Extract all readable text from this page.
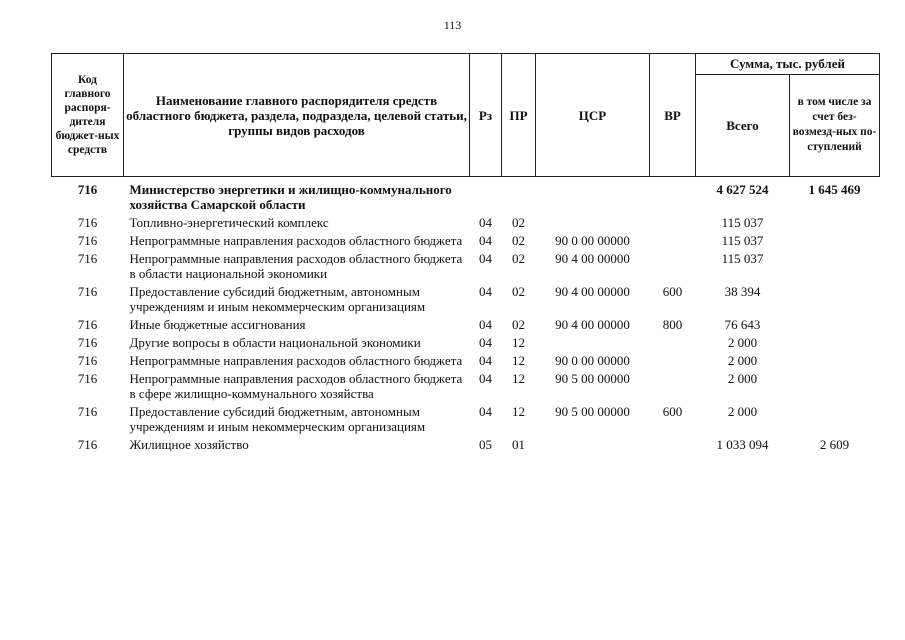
113
Код главного распоря-дителя бюджет-ных средств	Наименование главного распорядителя средств областного бюджета, раздела, подраздела, целевой статьи, группы видов расходов	Рз	ПР	ЦСР	ВР	Сумма, тыс. рублей	
						Всего	в том числе за счет без-возмезд-ных по-ступлений
716	Министерство энергетики и жилищно-коммунального хозяйства Самарской области					4 627 524	1 645 469
716	Топливно-энергетический комплекс	04	02			115 037	
716	Непрограммные направления расходов областного бюджета	04	02	90 0 00 00000		115 037	
716	Непрограммные направления расходов областного бюджета в области национальной экономики	04	02	90 4 00 00000		115 037	
716	Предоставление субсидий бюджетным, автономным учреждениям и иным некоммерческим организациям	04	02	90 4 00 00000	600	38 394	
716	Иные бюджетные ассигнования	04	02	90 4 00 00000	800	76 643	
716	Другие вопросы в области национальной экономики	04	12			2 000	
716	Непрограммные направления расходов областного бюджета	04	12	90 0 00 00000		2 000	
716	Непрограммные направления расходов областного бюджета в сфере жилищно-коммунального хозяйства	04	12	90 5 00 00000		2 000	
716	Предоставление субсидий бюджетным, автономным учреждениям и иным некоммерческим организациям	04	12	90 5 00 00000	600	2 000	
716	Жилищное хозяйство	05	01			1 033 094	2 609
